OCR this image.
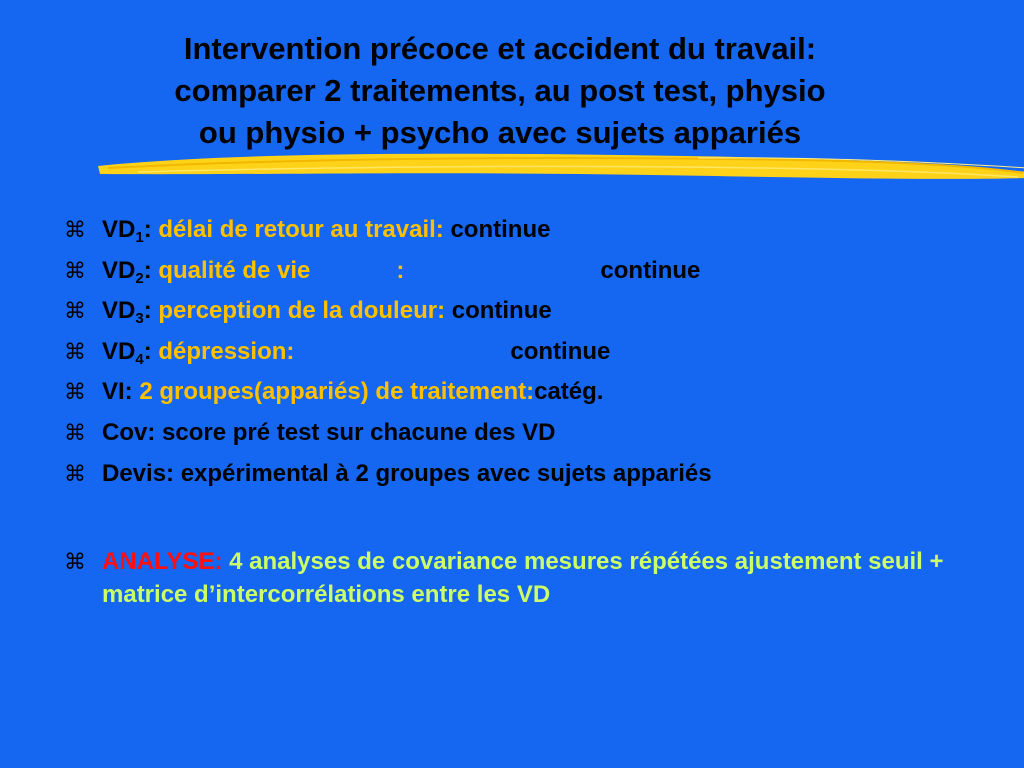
Intervention précoce et accident du travail:
comparer 2 traitements, au post test, physio
ou physio + psycho avec sujets appariés
⌘ $VD_1$: délai de retour au travail: continue
⌘ $VD_2$: qualité de vie	:	continue
⌘ $VD_3$: perception de la douleur: continue
⌘ $VD_4$: dépression:	continue
⌘ VI: 2 groupes(appariés) de traitement:catég.
⌘ Cov: score pré test sur chacune des VD
⌘ Devis: expérimental à 2 groupes avec sujets appariés
⌘ ANALYSE: 4 analyses de covariance mesures répétées ajustement seuil + matrice d’intercorrélations entre les VD
